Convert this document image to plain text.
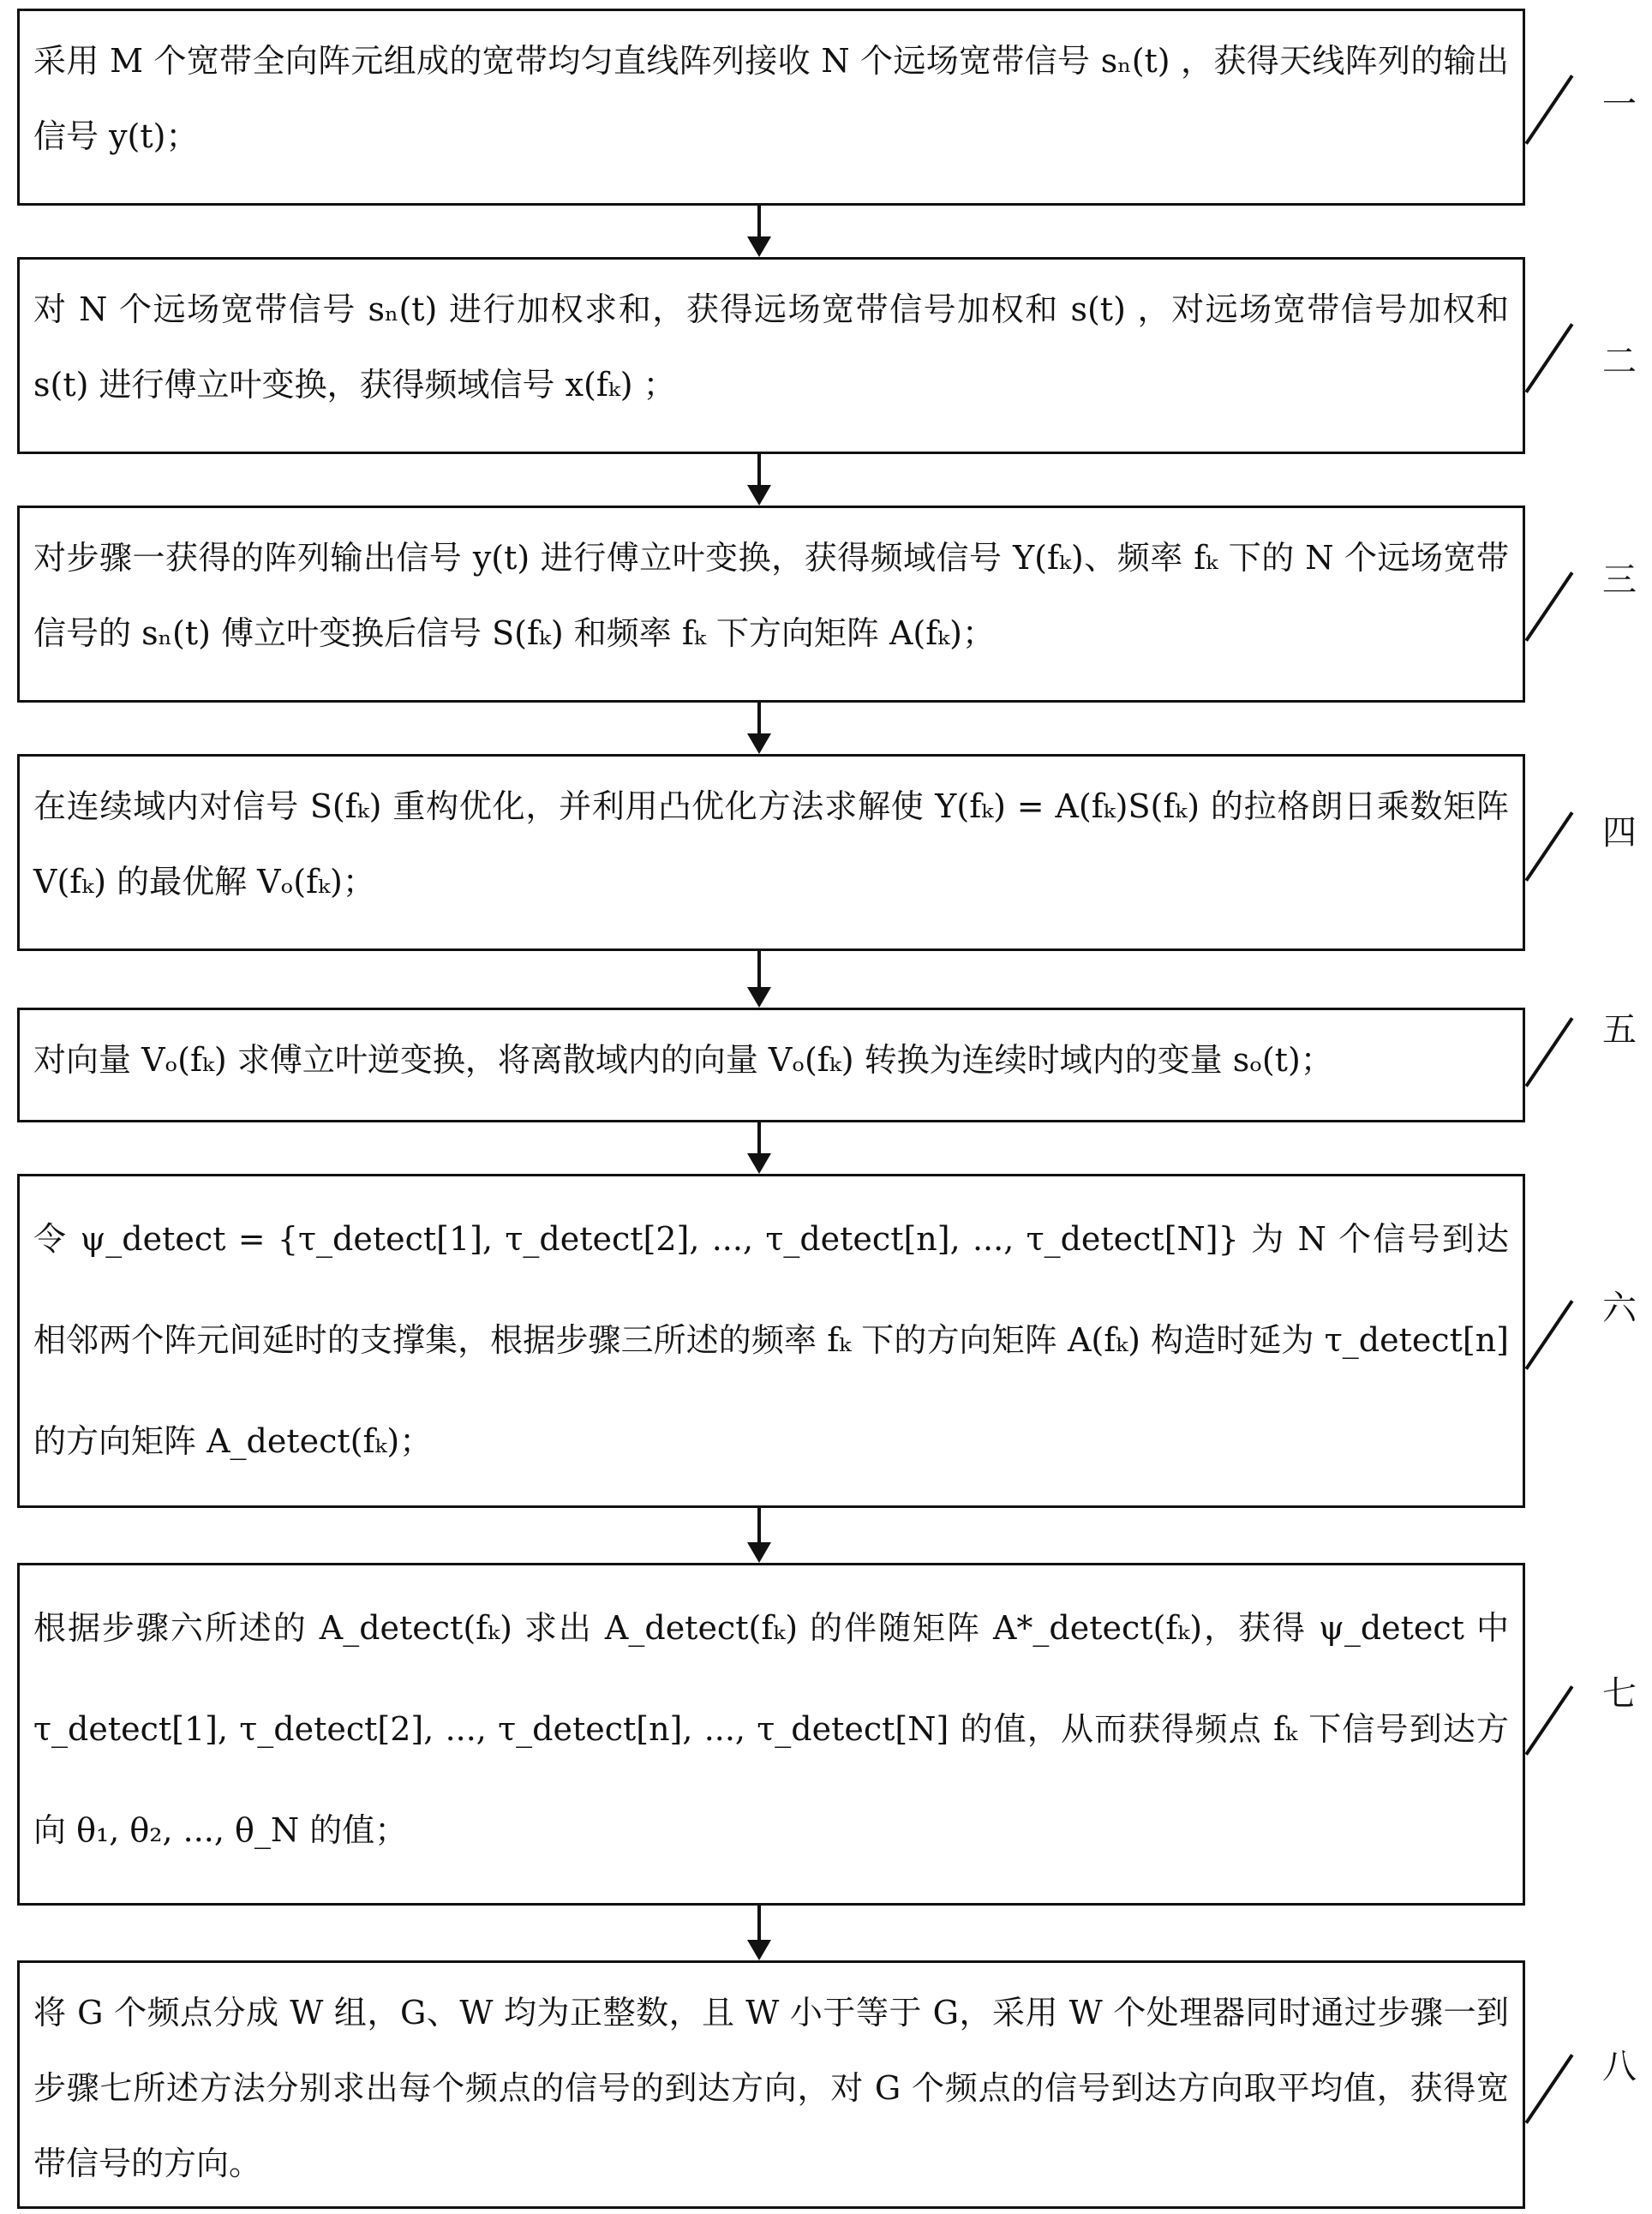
采用 M 个宽带全向阵元组成的宽带均匀直线阵列接收 N 个远场宽带信号 sₙ(t) ，获得天线阵列的输出信号 y(t)；

对 N 个远场宽带信号 sₙ(t) 进行加权求和，获得远场宽带信号加权和 s(t) ，对远场宽带信号加权和 s(t) 进行傅立叶变换，获得频域信号 x(fₖ) ；

对步骤一获得的阵列输出信号 y(t) 进行傅立叶变换，获得频域信号 Y(fₖ)、频率 fₖ 下的 N 个远场宽带信号的 sₙ(t) 傅立叶变换后信号 S(fₖ) 和频率 fₖ 下方向矩阵 A(fₖ)；

在连续域内对信号 S(fₖ) 重构优化，并利用凸优化方法求解使 Y(fₖ) = A(fₖ)S(fₖ) 的拉格朗日乘数矩阵 V(fₖ) 的最优解 Vₒ(fₖ)；

对向量 Vₒ(fₖ) 求傅立叶逆变换，将离散域内的向量 Vₒ(fₖ) 转换为连续时域内的变量 sₒ(t)；

令 ψ_detect = {τ_detect[1], τ_detect[2], ..., τ_detect[n], ..., τ_detect[N]} 为 N 个信号到达相邻两个阵元间延时的支撑集，根据步骤三所述的频率 fₖ 下的方向矩阵 A(fₖ) 构造时延为 τ_detect[n] 的方向矩阵 A_detect(fₖ)；

根据步骤六所述的 A_detect(fₖ) 求出 A_detect(fₖ) 的伴随矩阵 A*_detect(fₖ)，获得 ψ_detect 中 τ_detect[1], τ_detect[2], ..., τ_detect[n], ..., τ_detect[N] 的值，从而获得频点 fₖ 下信号到达方向 θ₁, θ₂, ..., θ_N 的值；

将 G 个频点分成 W 组，G、W 均为正整数，且 W 小于等于 G，采用 W 个处理器同时通过步骤一到步骤七所述方法分别求出每个频点的信号的到达方向，对 G 个频点的信号到达方向取平均值，获得宽带信号的方向。

一
二
三
四
五
六
七
八
